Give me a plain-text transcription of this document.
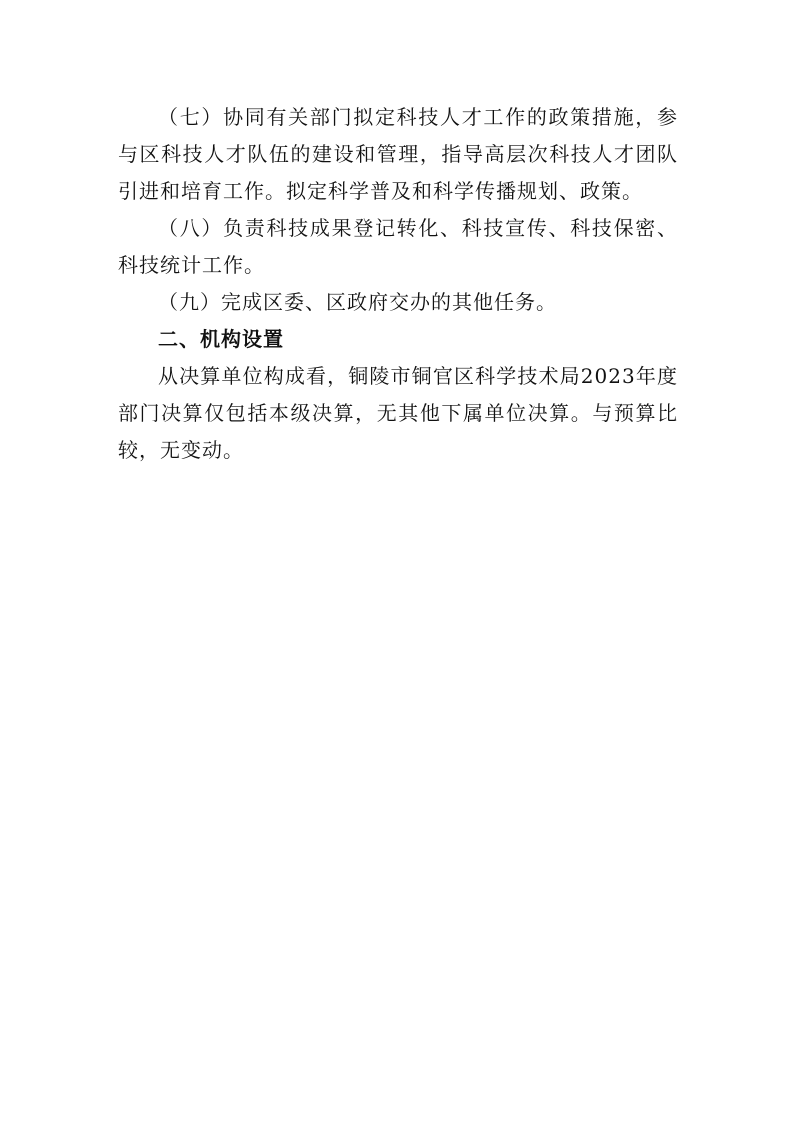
（七）协同有关部门拟定科技人才工作的政策措施，参与区科技人才队伍的建设和管理，指导高层次科技人才团队引进和培育工作。拟定科学普及和科学传播规划、政策。

（八）负责科技成果登记转化、科技宣传、科技保密、科技统计工作。

（九）完成区委、区政府交办的其他任务。

二、机构设置

从决算单位构成看，铜陵市铜官区科学技术局2023年度部门决算仅包括本级决算，无其他下属单位决算。与预算比较，无变动。
